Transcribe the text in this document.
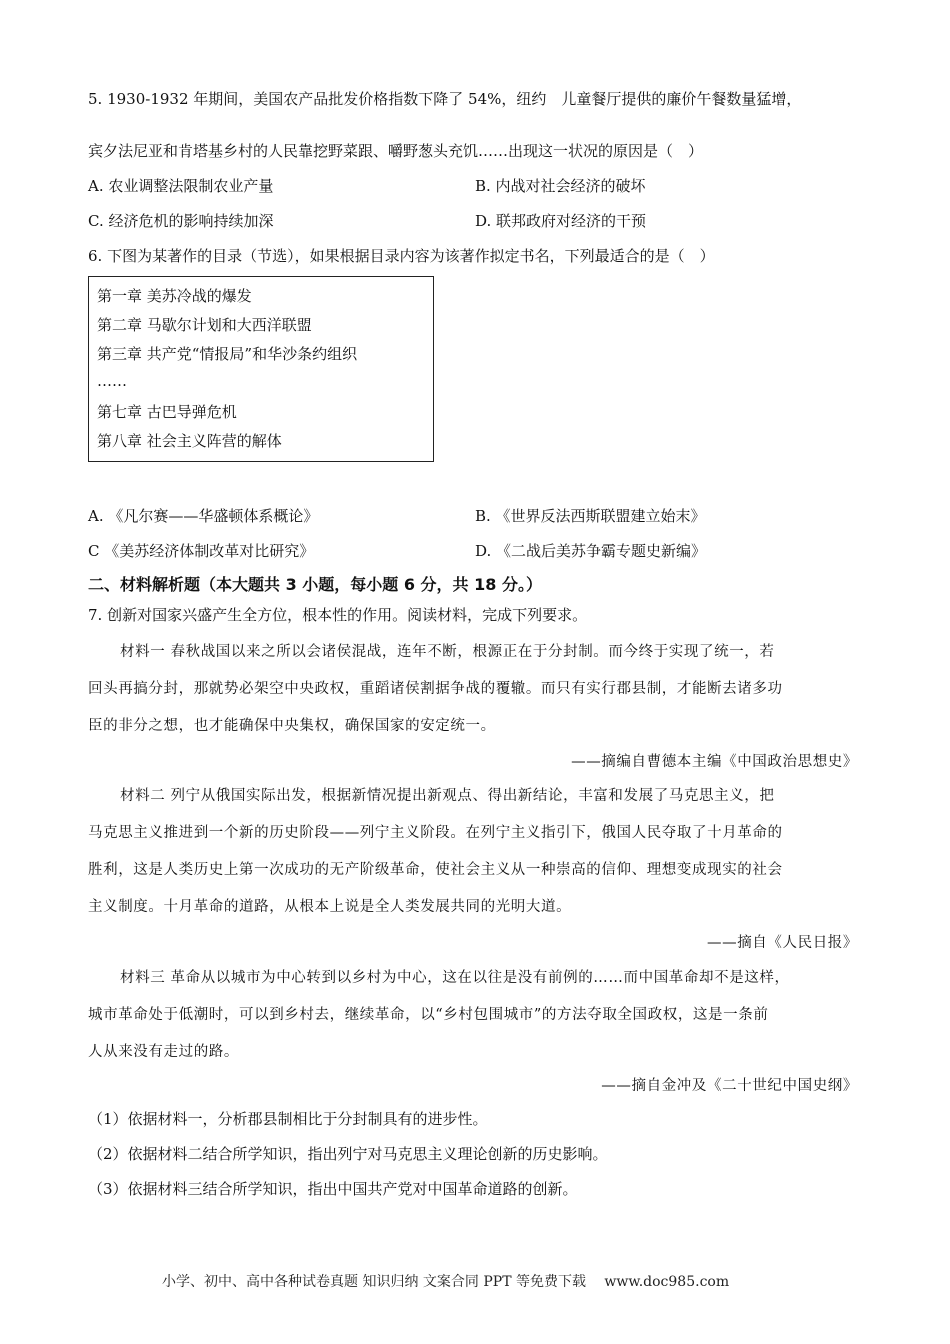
5. 1930-1932 年期间，美国农产品批发价格指数下降了 54%，纽约　儿童餐厅提供的廉价午餐数量猛增，
宾夕法尼亚和肯塔基乡村的人民靠挖野菜跟、嚼野葱头充饥……出现这一状况的原因是（　）
A. 农业调整法限制农业产量	B. 内战对社会经济的破坏
C. 经济危机的影响持续加深	D. 联邦政府对经济的干预
6. 下图为某著作的目录（节选），如果根据目录内容为该著作拟定书名，下列最适合的是（　）
第一章 美苏冷战的爆发
第二章 马歇尔计划和大西洋联盟
第三章 共产党“情报局”和华沙条约组织
……
第七章 古巴导弹危机
第八章 社会主义阵营的解体
A. 《凡尔赛——华盛顿体系概论》	B. 《世界反法西斯联盟建立始末》
C 《美苏经济体制改革对比研究》	D. 《二战后美苏争霸专题史新编》
二、材料解析题（本大题共 3 小题，每小题 6 分，共 18 分。）
7. 创新对国家兴盛产生全方位，根本性的作用。阅读材料，完成下列要求。
材料一 春秋战国以来之所以会诸侯混战，连年不断，根源正在于分封制。而今终于实现了统一，若
回头再搞分封，那就势必架空中央政权，重蹈诸侯割据争战的覆辙。而只有实行郡县制，才能断去诸多功
臣的非分之想，也才能确保中央集权，确保国家的安定统一。
——摘编自曹德本主编《中国政治思想史》
材料二 列宁从俄国实际出发，根据新情况提出新观点、得出新结论，丰富和发展了马克思主义，把
马克思主义推进到一个新的历史阶段——列宁主义阶段。在列宁主义指引下，俄国人民夺取了十月革命的
胜利，这是人类历史上第一次成功的无产阶级革命，使社会主义从一种崇高的信仰、理想变成现实的社会
主义制度。十月革命的道路，从根本上说是全人类发展共同的光明大道。
——摘自《人民日报》
材料三 革命从以城市为中心转到以乡村为中心，这在以往是没有前例的……而中国革命却不是这样，
城市革命处于低潮时，可以到乡村去，继续革命，以“乡村包围城市”的方法夺取全国政权，这是一条前
人从来没有走过的路。
——摘自金冲及《二十世纪中国史纲》
（1）依据材料一，分析郡县制相比于分封制具有的进步性。
（2）依据材料二结合所学知识，指出列宁对马克思主义理论创新的历史影响。
（3）依据材料三结合所学知识，指出中国共产党对中国革命道路的创新。
小学、初中、高中各种试卷真题 知识归纳 文案合同 PPT 等免费下载　 www.doc985.com
